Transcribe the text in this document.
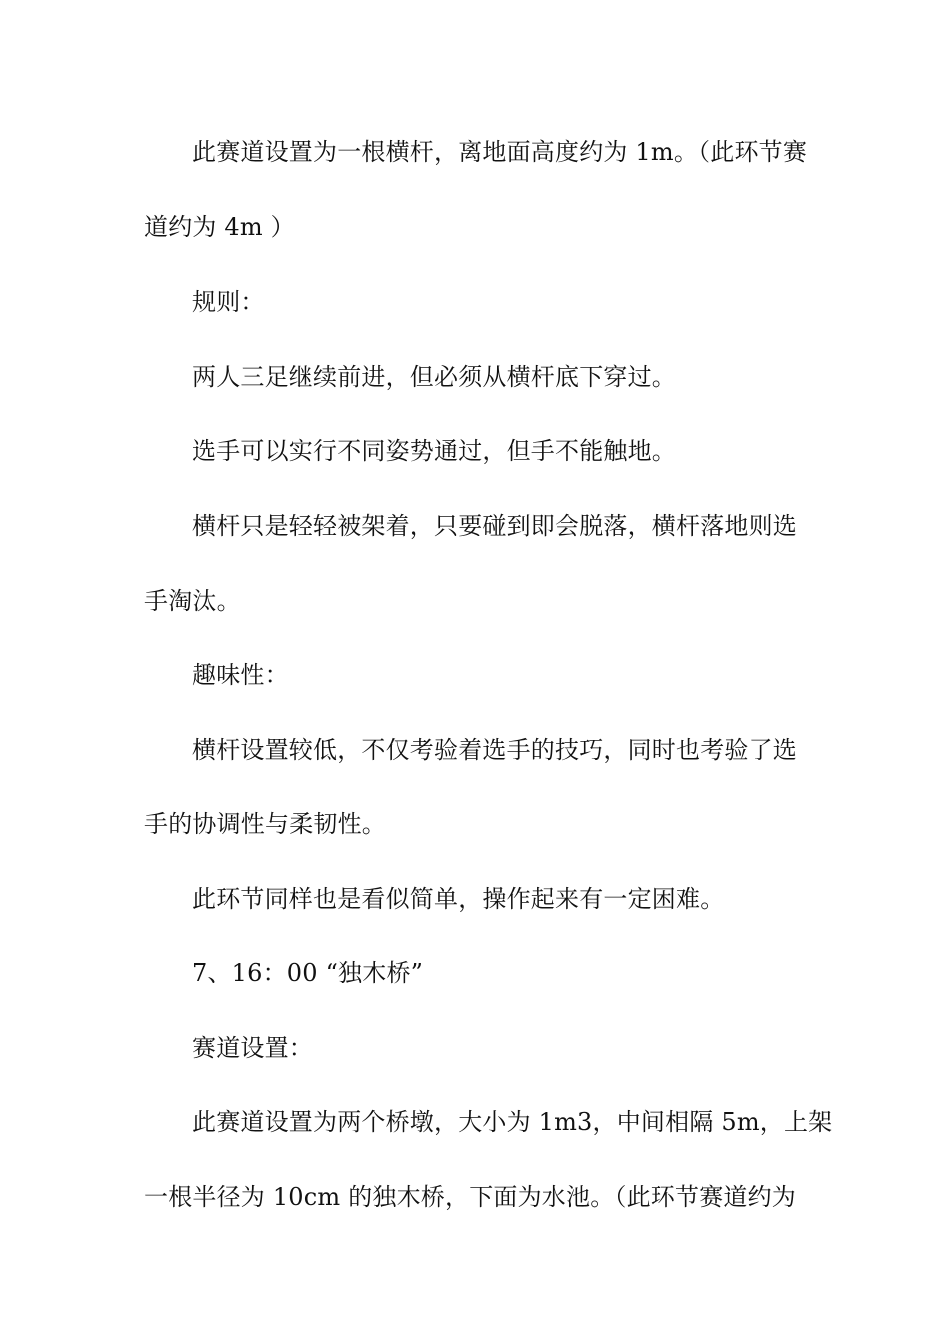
此赛道设置为一根横杆，离地面高度约为 1m。（此环节赛

道约为 4m ）

规则：

两人三足继续前进，但必须从横杆底下穿过。

选手可以实行不同姿势通过，但手不能触地。

横杆只是轻轻被架着，只要碰到即会脱落，横杆落地则选

手淘汰。

趣味性：

横杆设置较低，不仅考验着选手的技巧，同时也考验了选

手的协调性与柔韧性。

此环节同样也是看似简单，操作起来有一定困难。

7、16：00 “独木桥”

赛道设置：

此赛道设置为两个桥墩，大小为 1m3，中间相隔 5m，上架

一根半径为 10cm 的独木桥，下面为水池。（此环节赛道约为
